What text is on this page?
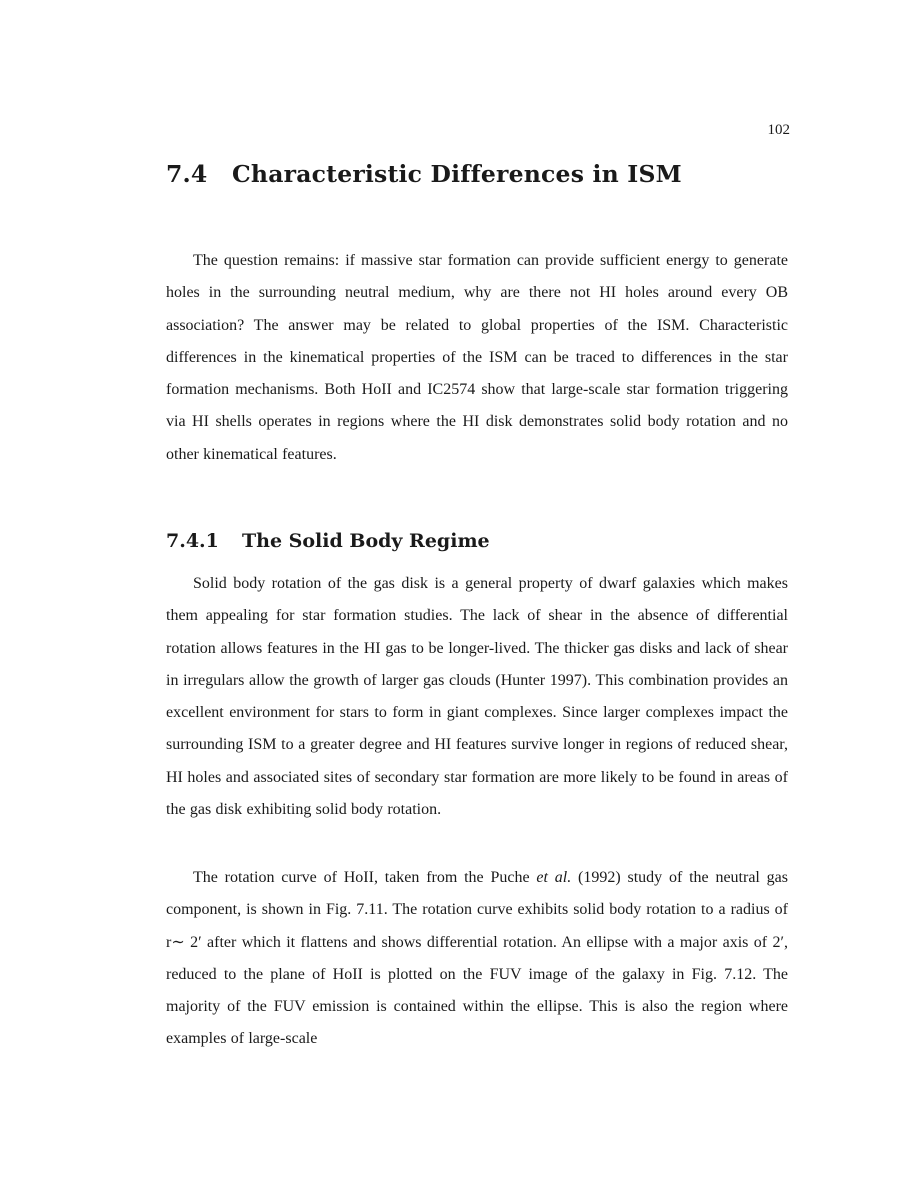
102
7.4 Characteristic Differences in ISM

The question remains: if massive star formation can provide sufficient energy to generate holes in the surrounding neutral medium, why are there not HI holes around every OB association? The answer may be related to global properties of the ISM. Characteristic differences in the kinematical properties of the ISM can be traced to differences in the star formation mechanisms. Both HoII and IC2574 show that large-scale star formation triggering via HI shells operates in regions where the HI disk demonstrates solid body rotation and no other kinematical features.

7.4.1 The Solid Body Regime

Solid body rotation of the gas disk is a general property of dwarf galaxies which makes them appealing for star formation studies. The lack of shear in the absence of differential rotation allows features in the HI gas to be longer-lived. The thicker gas disks and lack of shear in irregulars allow the growth of larger gas clouds (Hunter 1997). This combination provides an excellent environment for stars to form in giant complexes. Since larger complexes impact the surrounding ISM to a greater degree and HI features survive longer in regions of reduced shear, HI holes and associated sites of secondary star formation are more likely to be found in areas of the gas disk exhibiting solid body rotation.

The rotation curve of HoII, taken from the Puche et al. (1992) study of the neutral gas component, is shown in Fig. 7.11. The rotation curve exhibits solid body rotation to a radius of r∼ 2′ after which it flattens and shows differential rotation. An ellipse with a major axis of 2′, reduced to the plane of HoII is plotted on the FUV image of the galaxy in Fig. 7.12. The majority of the FUV emission is contained within the ellipse. This is also the region where examples of large-scale
